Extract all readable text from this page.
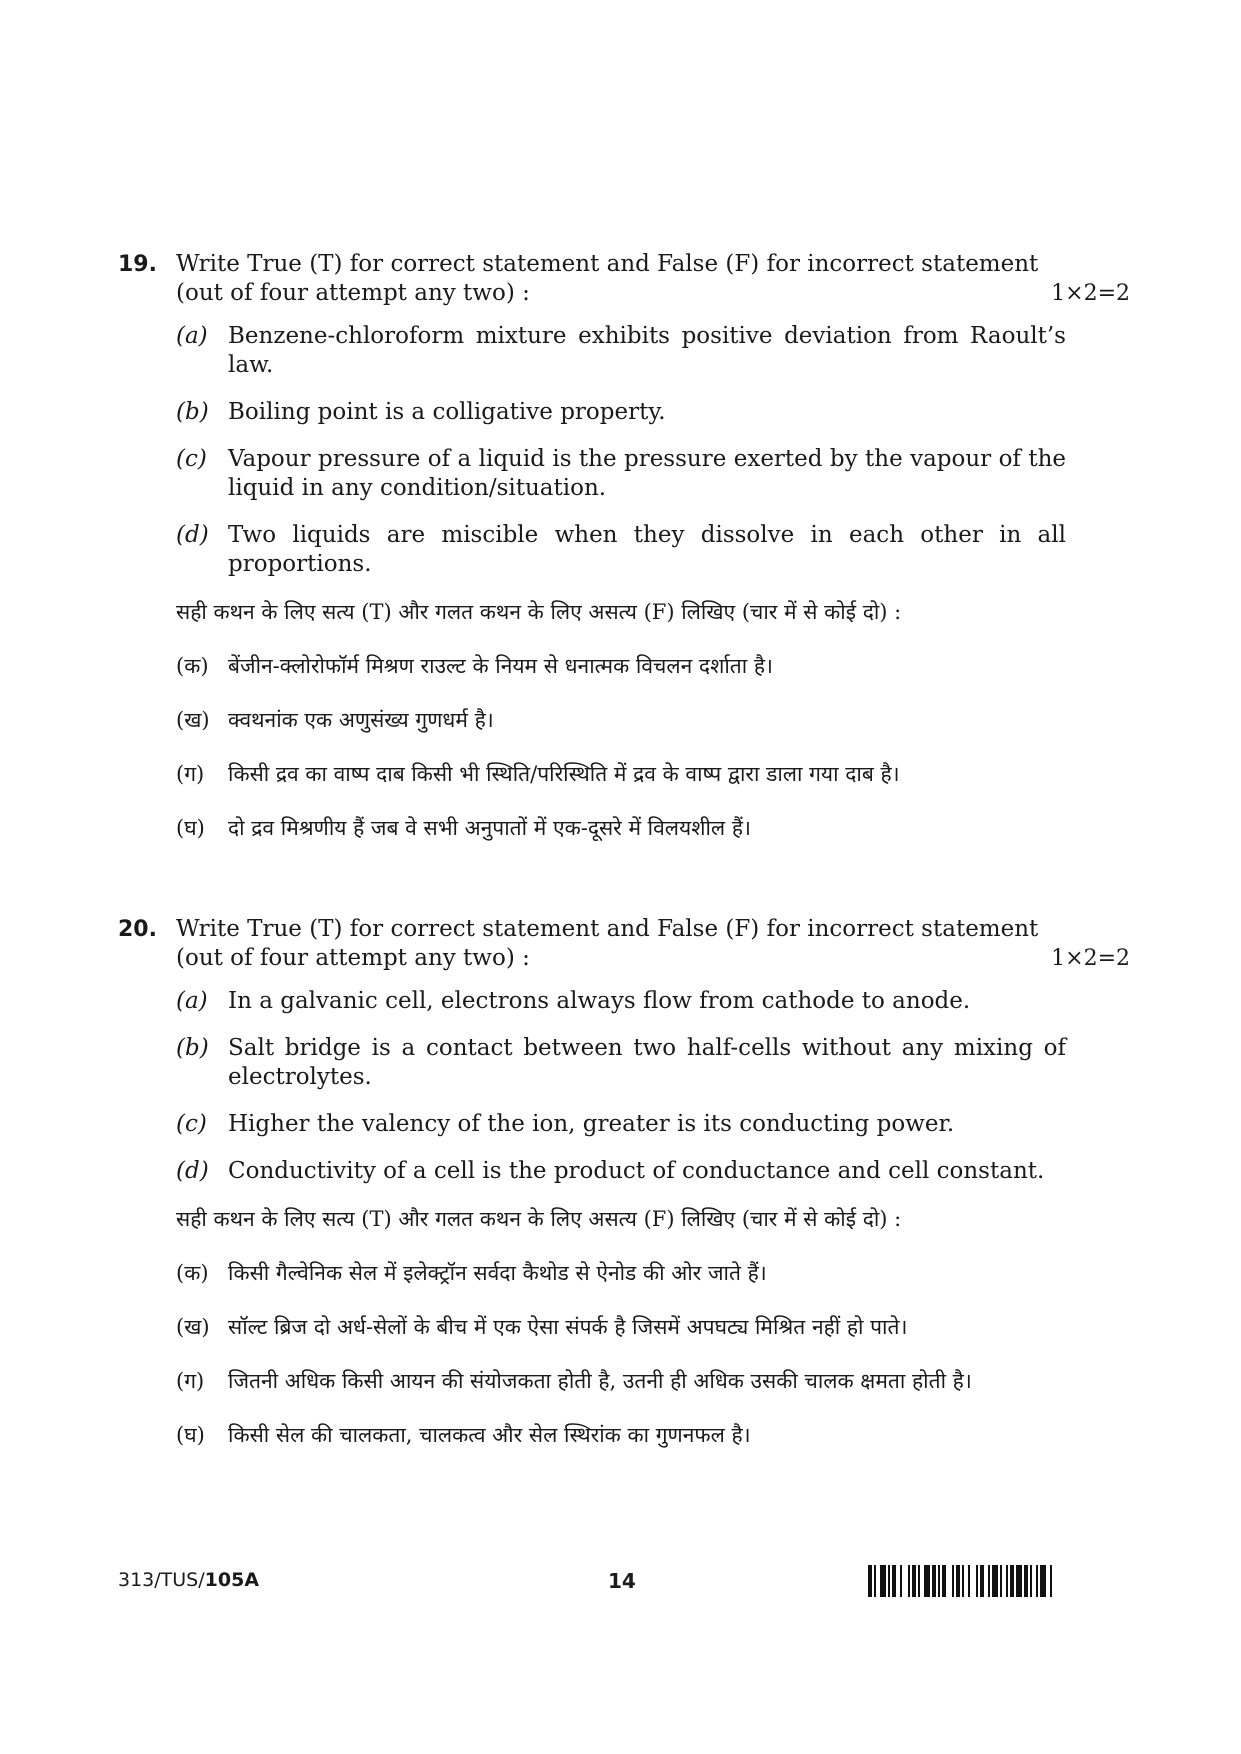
19. Write True (T) for correct statement and False (F) for incorrect statement
(out of four attempt any two) :	1×2=2
(a) Benzene-chloroform mixture exhibits positive deviation from Raoult’s law.
(b) Boiling point is a colligative property.
(c) Vapour pressure of a liquid is the pressure exerted by the vapour of the liquid in any condition/situation.
(d) Two liquids are miscible when they dissolve in each other in all proportions.
सही कथन के लिए सत्य (T) और गलत कथन के लिए असत्य (F) लिखिए (चार में से कोई दो) :
(क) बेंजीन-क्लोरोफॉर्म मिश्रण राउल्ट के नियम से धनात्मक विचलन दर्शाता है।
(ख) क्वथनांक एक अणुसंख्य गुणधर्म है।
(ग)	किसी द्रव का वाष्प दाब किसी भी स्थिति/परिस्थिति में द्रव के वाष्प द्वारा डाला गया दाब है।
(घ)	दो द्रव मिश्रणीय हैं जब वे सभी अनुपातों में एक-दूसरे में विलयशील हैं।
20. Write True (T) for correct statement and False (F) for incorrect statement
(out of four attempt any two) :	1×2=2
(a) In a galvanic cell, electrons always flow from cathode to anode.
(b) Salt bridge is a contact between two half-cells without any mixing of electrolytes.
(c) Higher the valency of the ion, greater is its conducting power.
(d) Conductivity of a cell is the product of conductance and cell constant.
सही कथन के लिए सत्य (T) और गलत कथन के लिए असत्य (F) लिखिए (चार में से कोई दो) :
(क) किसी गैल्वेनिक सेल में इलेक्ट्रॉन सर्वदा कैथोड से ऐनोड की ओर जाते हैं।
(ख) सॉल्ट ब्रिज दो अर्ध-सेलों के बीच में एक ऐसा संपर्क है जिसमें अपघट्य मिश्रित नहीं हो पाते।
(ग)	जितनी अधिक किसी आयन की संयोजकता होती है, उतनी ही अधिक उसकी चालक क्षमता होती है।
(घ)	किसी सेल की चालकता, चालकत्व और सेल स्थिरांक का गुणनफल है।
313/TUS/105A	14
